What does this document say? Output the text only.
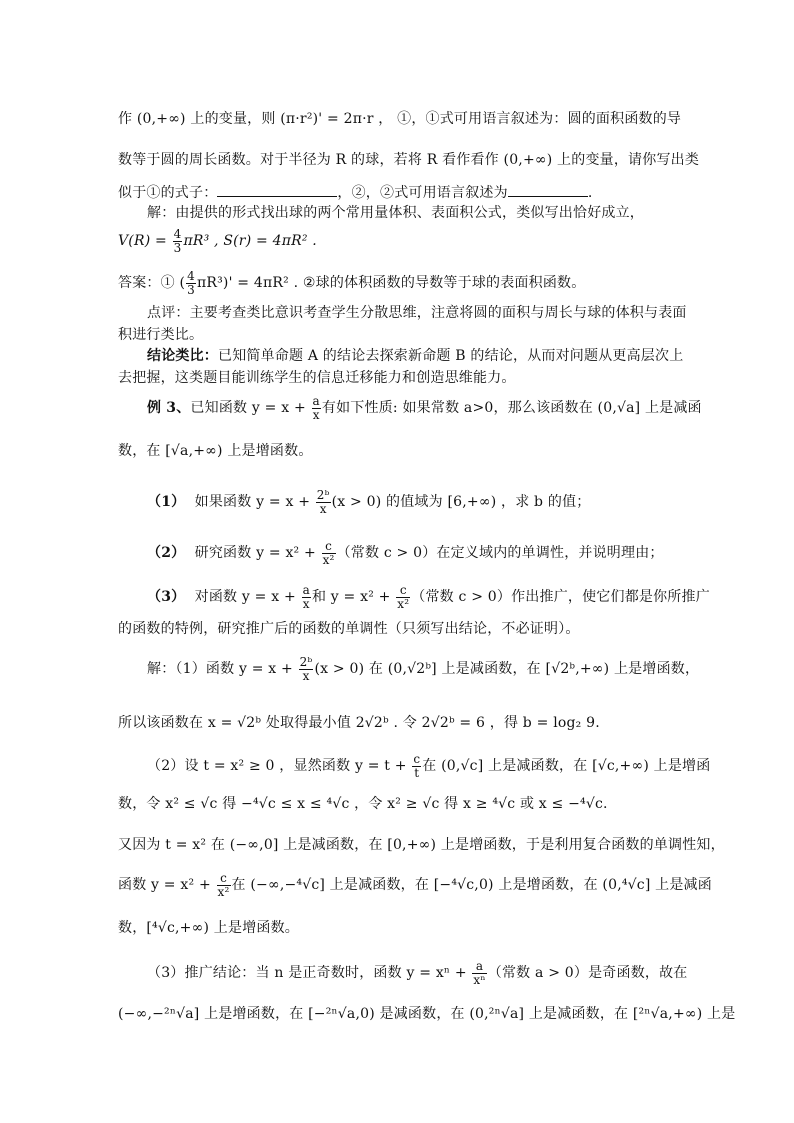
作 (0,+∞) 上的变量，则 (π·r²)' = 2π·r ， ①，①式可用语言叙述为：圆的面积函数的导
数等于圆的周长函数。对于半径为 R 的球，若将 R 看作看作 (0,+∞) 上的变量，请你写出类
似于①的式子：	，②，②式可用语言叙述为	.
解：由提供的形式找出球的两个常用量体积、表面积公式，类似写出恰好成立，
$V(R) = \frac{4}{3} \pi R^3$ , S(r) = 4πR² .
答案：① ( $\frac{4}{3} \pi R^3)' = 4\pi R^2$ . ②球的体积函数的导数等于球的表面积函数。
点评：主要考查类比意识考查学生分散思维，注意将圆的面积与周长与球的体积与表面
积进行类比。
结论类比：已知简单命题 A 的结论去探索新命题 B 的结论，从而对问题从更高层次上
去把握，这类题目能训练学生的信息迁移能力和创造思维能力。
例 3、已知函数 $y = x + \frac{a}{x}$ 有如下性质: 如果常数 a>0，那么该函数在 (0,√a] 上是减函
数，在 [√a,+∞) 上是增函数。
（1） 如果函数 $y = x + \frac{\text{2ᵇ}}{x} (x > 0)$ 的值域为 [6,+∞) ，求 b 的值；
（2） 研究函数 $y = x^2 + \frac{c}{\text{x²}}$ （常数 c > 0）在定义域内的单调性，并说明理由；
（3） 对函数 $y = x + \frac{a}{x}$ 和 $y = x^2 + \frac{c}{\text{x²}}$ （常数 c > 0）作出推广，使它们都是你所推广
的函数的特例，研究推广后的函数的单调性（只须写出结论，不必证明）。
解：（1）函数 $y = x + \frac{\text{2ᵇ}}{x} (x > 0)$ 在 (0,√2ᵇ] 上是减函数，在 [√2ᵇ,+∞) 上是增函数，
所以该函数在 x = √2ᵇ 处取得最小值 2√2ᵇ . 令 2√2ᵇ = 6 ，得 b = log₂ 9.
（2）设 t = x² ≥ 0 ，显然函数 $y = t + \frac{c}{t}$ 在 (0,√c] 上是减函数，在 [√c,+∞) 上是增函
数，令 x² ≤ √c 得 −⁴√c ≤ x ≤ ⁴√c ，令 x² ≥ √c 得 x ≥ ⁴√c 或 x ≤ −⁴√c.
又因为 t = x² 在 (−∞,0] 上是减函数，在 [0,+∞) 上是增函数，于是利用复合函数的单调性知，
函数 $y = x^2 + \frac{c}{\text{x²}}$ 在 (−∞,−⁴√c] 上是减函数，在 [−⁴√c,0) 上是增函数，在 (0,⁴√c] 上是减函
数，[⁴√c,+∞) 上是增函数。
（3）推广结论：当 n 是正奇数时，函数 $y = x^n + \frac{a}{\text{xⁿ}}$ （常数 a > 0）是奇函数，故在
(−∞,−²ⁿ√a] 上是增函数，在 [−²ⁿ√a,0) 是减函数，在 (0,²ⁿ√a] 上是减函数，在 [²ⁿ√a,+∞) 上是
